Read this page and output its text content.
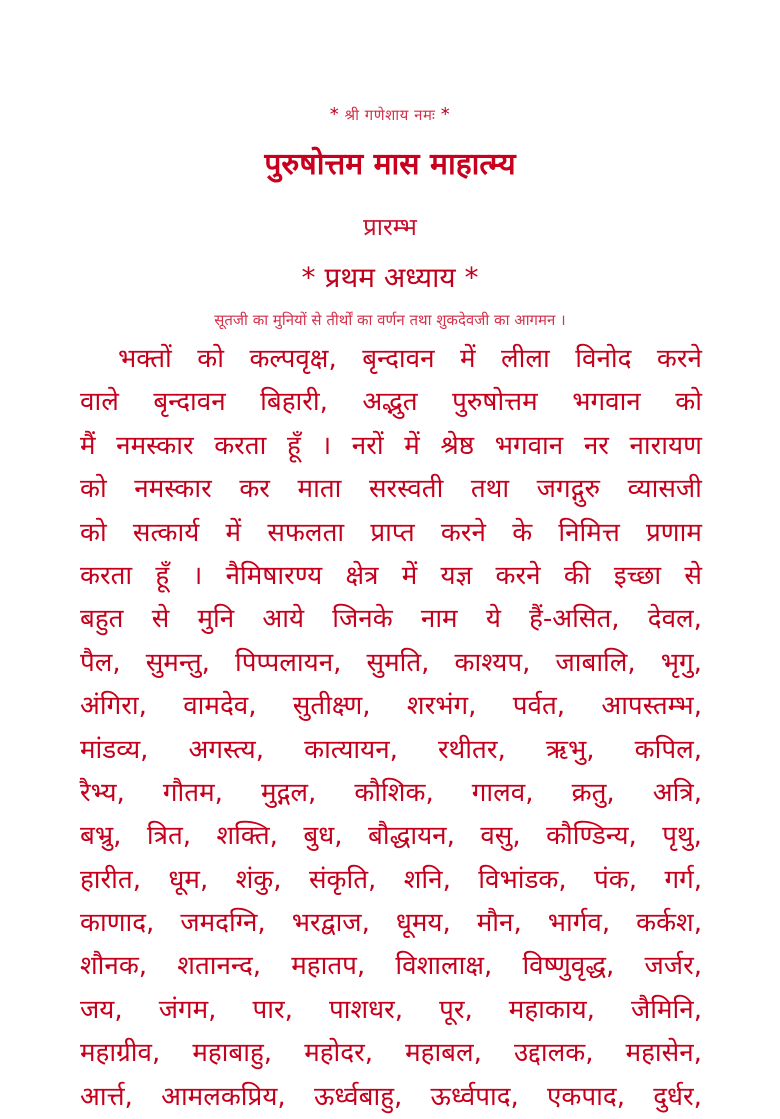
* श्री गणेशाय नमः *
पुरुषोत्तम मास माहात्म्य
प्रारम्भ
* प्रथम अध्याय *
सूतजी का मुनियों से तीर्थों का वर्णन तथा शुकदेवजी का आगमन ।
भक्तों को कल्पवृक्ष, बृन्दावन में लीला विनोद करने
वाले बृन्दावन बिहारी, अद्भुत पुरुषोत्तम भगवान को
मैं नमस्कार करता हूँ । नरों में श्रेष्ठ भगवान नर नारायण
को नमस्कार कर माता सरस्वती तथा जगद्गुरु व्यासजी
को सत्कार्य में सफलता प्राप्त करने के निमित्त प्रणाम
करता हूँ । नैमिषारण्य क्षेत्र में यज्ञ करने की इच्छा से
बहुत से मुनि आये जिनके नाम ये हैं-असित, देवल,
पैल, सुमन्तु, पिप्पलायन, सुमति, काश्यप, जाबालि, भृगु,
अंगिरा, वामदेव, सुतीक्ष्ण, शरभंग, पर्वत, आपस्तम्भ,
मांडव्य, अगस्त्य, कात्यायन, रथीतर, ऋभु, कपिल,
रैभ्य, गौतम, मुद्गल, कौशिक, गालव, क्रतु, अत्रि,
बभ्रु, त्रित, शक्ति, बुध, बौद्धायन, वसु, कौण्डिन्य, पृथु,
हारीत, धूम, शंकु, संकृति, शनि, विभांडक, पंक, गर्ग,
काणाद, जमदग्नि, भरद्वाज, धूमय, मौन, भार्गव, कर्कश,
शौनक, शतानन्द, महातप, विशालाक्ष, विष्णुवृद्ध, जर्जर,
जय, जंगम, पार, पाशधर, पूर, महाकाय, जैमिनि,
महाग्रीव, महाबाहु, महोदर, महाबल, उद्दालक, महासेन,
आर्त्त, आमलकप्रिय, ऊर्ध्वबाहु, ऊर्ध्वपाद, एकपाद, दुर्धर,
